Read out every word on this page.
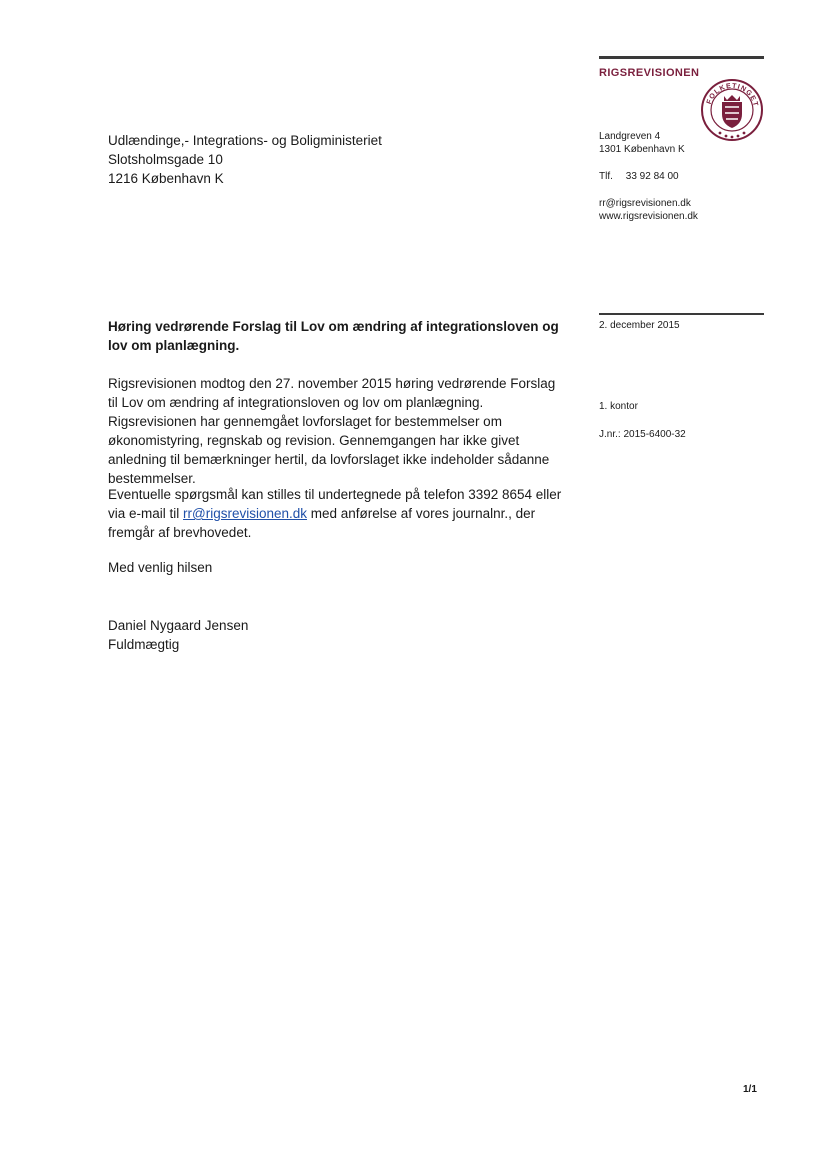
RIGSREVISIONEN
FOLKETINGET
Landgreven 4
1301 København K
Tlf. 33 92 84 00
rr@rigsrevisionen.dk
www.rigsrevisionen.dk
Udlændinge,- Integrations- og Boligministeriet
Slotsholmsgade 10
1216 København K
2. december 2015
1. kontor
J.nr.: 2015-6400-32
Høring vedrørende Forslag til Lov om ændring af integrationsloven og lov om planlægning.
Rigsrevisionen modtog den 27. november 2015 høring vedrørende Forslag til Lov om ændring af integrationsloven og lov om planlægning. Rigsrevisionen har gennemgået lovforslaget for bestemmelser om økonomistyring, regnskab og revision. Gennemgangen har ikke givet anledning til bemærkninger hertil, da lovforslaget ikke indeholder sådanne bestemmelser.
Eventuelle spørgsmål kan stilles til undertegnede på telefon 3392 8654 eller via e-mail til rr@rigsrevisionen.dk med anførelse af vores journalnr., der fremgår af brevhovedet.
Med venlig hilsen
Daniel Nygaard Jensen
Fuldmægtig
1/1
